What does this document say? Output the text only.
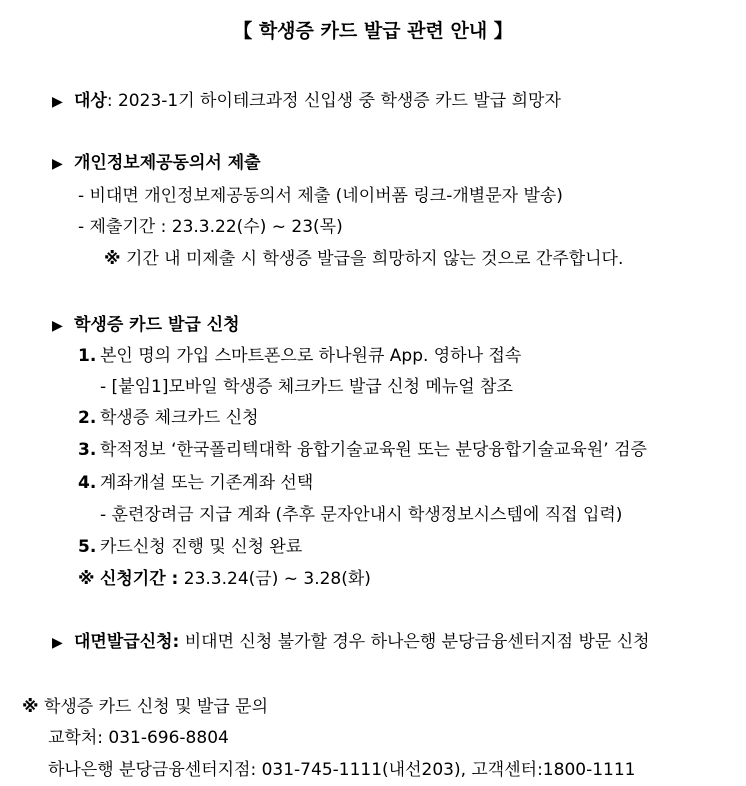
【 학생증 카드 발급 관련 안내 】
▶ 대상: 2023-1기 하이테크과정 신입생 중 학생증 카드 발급 희망자
▶ 개인정보제공동의서 제출
- 비대면 개인정보제공동의서 제출 (네이버폼 링크-개별문자 발송)
- 제출기간 : 23.3.22(수) ~ 23(목)
※ 기간 내 미제출 시 학생증 발급을 희망하지 않는 것으로 간주합니다.
▶ 학생증 카드 발급 신청
1. 본인 명의 가입 스마트폰으로 하나원큐 App. 영하나 접속
- [붙임1]모바일 학생증 체크카드 발급 신청 메뉴얼 참조
2. 학생증 체크카드 신청
3. 학적정보 ‘한국폴리텍대학 융합기술교육원 또는 분당융합기술교육원’ 검증
4. 계좌개설 또는 기존계좌 선택
- 훈련장려금 지급 계좌 (추후 문자안내시 학생정보시스템에 직접 입력)
5. 카드신청 진행 및 신청 완료
※ 신청기간 : 23.3.24(금) ~ 3.28(화)
▶ 대면발급신청: 비대면 신청 불가할 경우 하나은행 분당금융센터지점 방문 신청
※ 학생증 카드 신청 및 발급 문의
교학처: 031-696-8804
하나은행 분당금융센터지점: 031-745-1111(내선203), 고객센터:1800-1111
